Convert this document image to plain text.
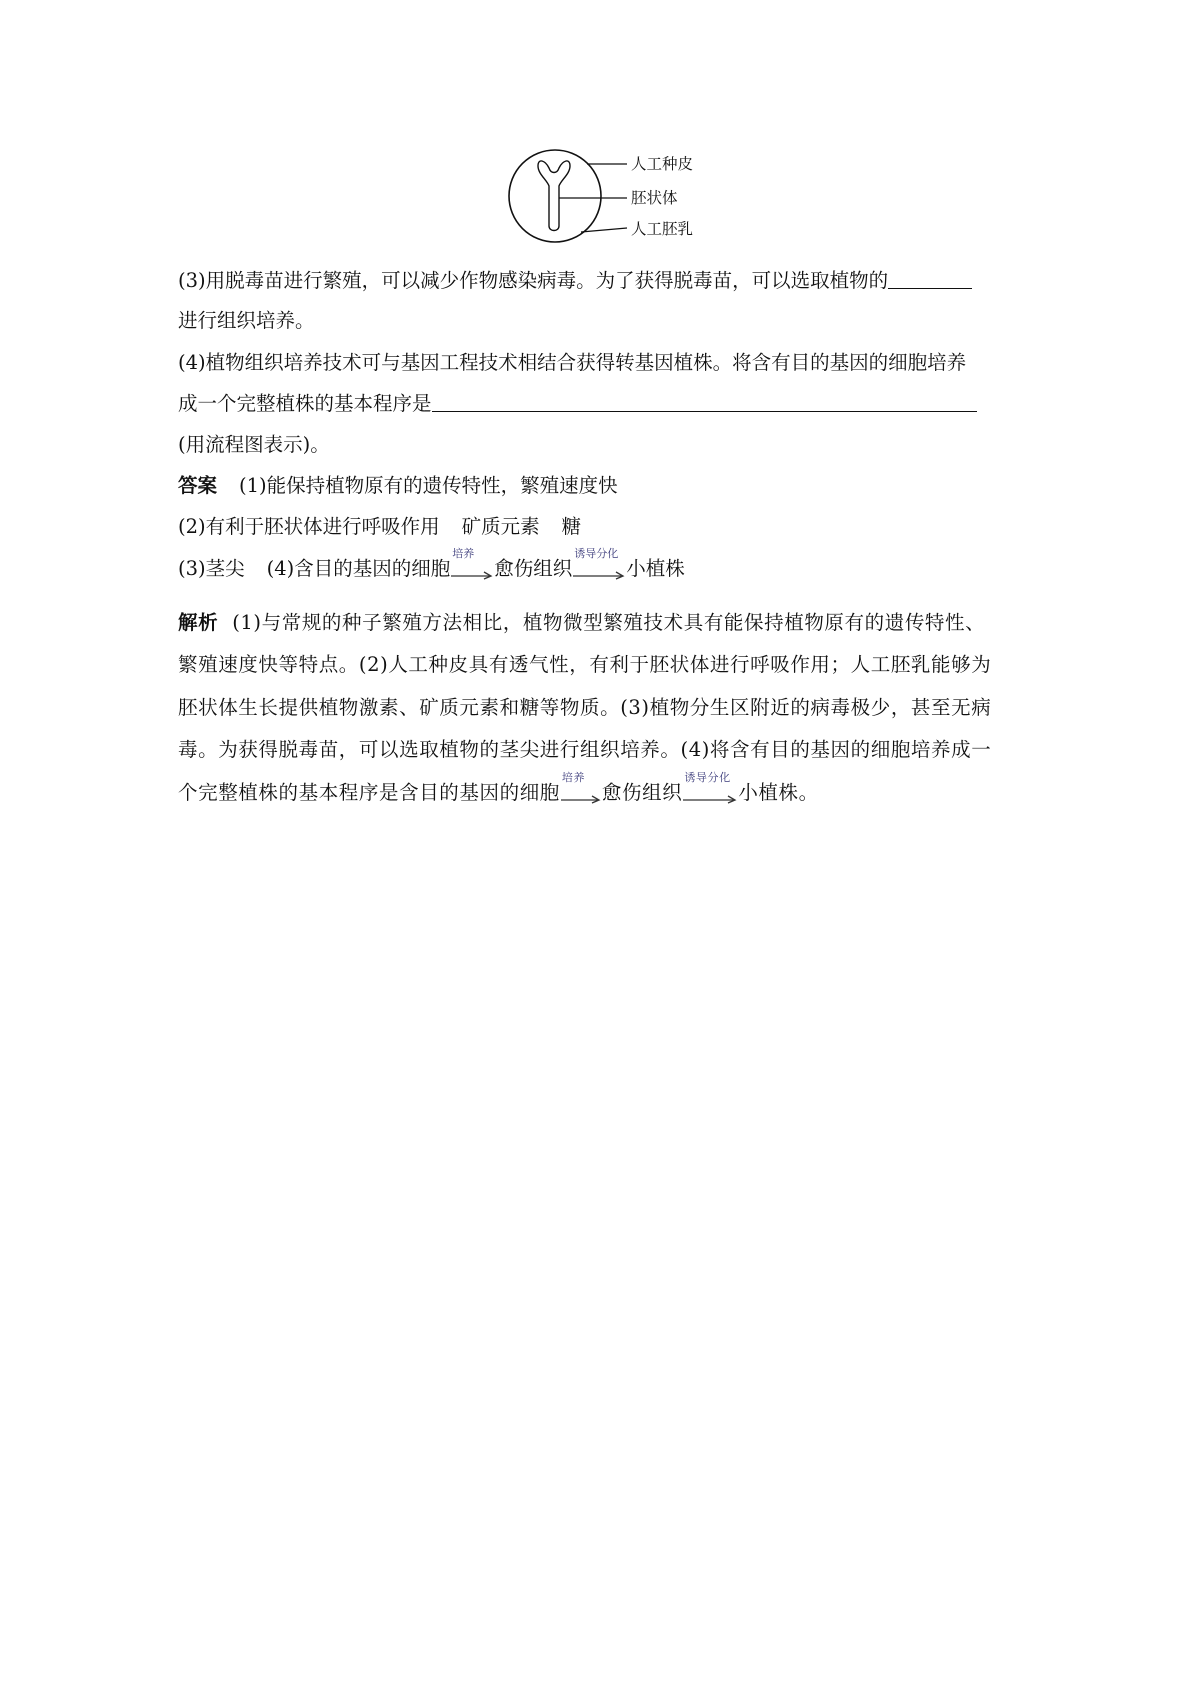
人工种皮
胚状体
人工胚乳
(3)用脱毒苗进行繁殖，可以减少作物感染病毒。为了获得脱毒苗，可以选取植物的
进行组织培养。
(4)植物组织培养技术可与基因工程技术相结合获得转基因植株。将含有目的基因的细胞培养
成一个完整植株的基本程序是
(用流程图表示)。
答案 (1)能保持植物原有的遗传特性，繁殖速度快
(2)有利于胚状体进行呼吸作用 矿质元素 糖
(3)茎尖 (4)含目的基因的细胞
培养
愈伤组织
诱导分化
小植株
解析 (1)与常规的种子繁殖方法相比，植物微型繁殖技术具有能保持植物原有的遗传特性、
繁殖速度快等特点。(2)人工种皮具有透气性，有利于胚状体进行呼吸作用；人工胚乳能够为
胚状体生长提供植物激素、矿质元素和糖等物质。(3)植物分生区附近的病毒极少，甚至无病
毒。为获得脱毒苗，可以选取植物的茎尖进行组织培养。(4)将含有目的基因的细胞培养成一
个完整植株的基本程序是含目的基因的细胞
培养
愈伤组织
诱导分化
小植株。
